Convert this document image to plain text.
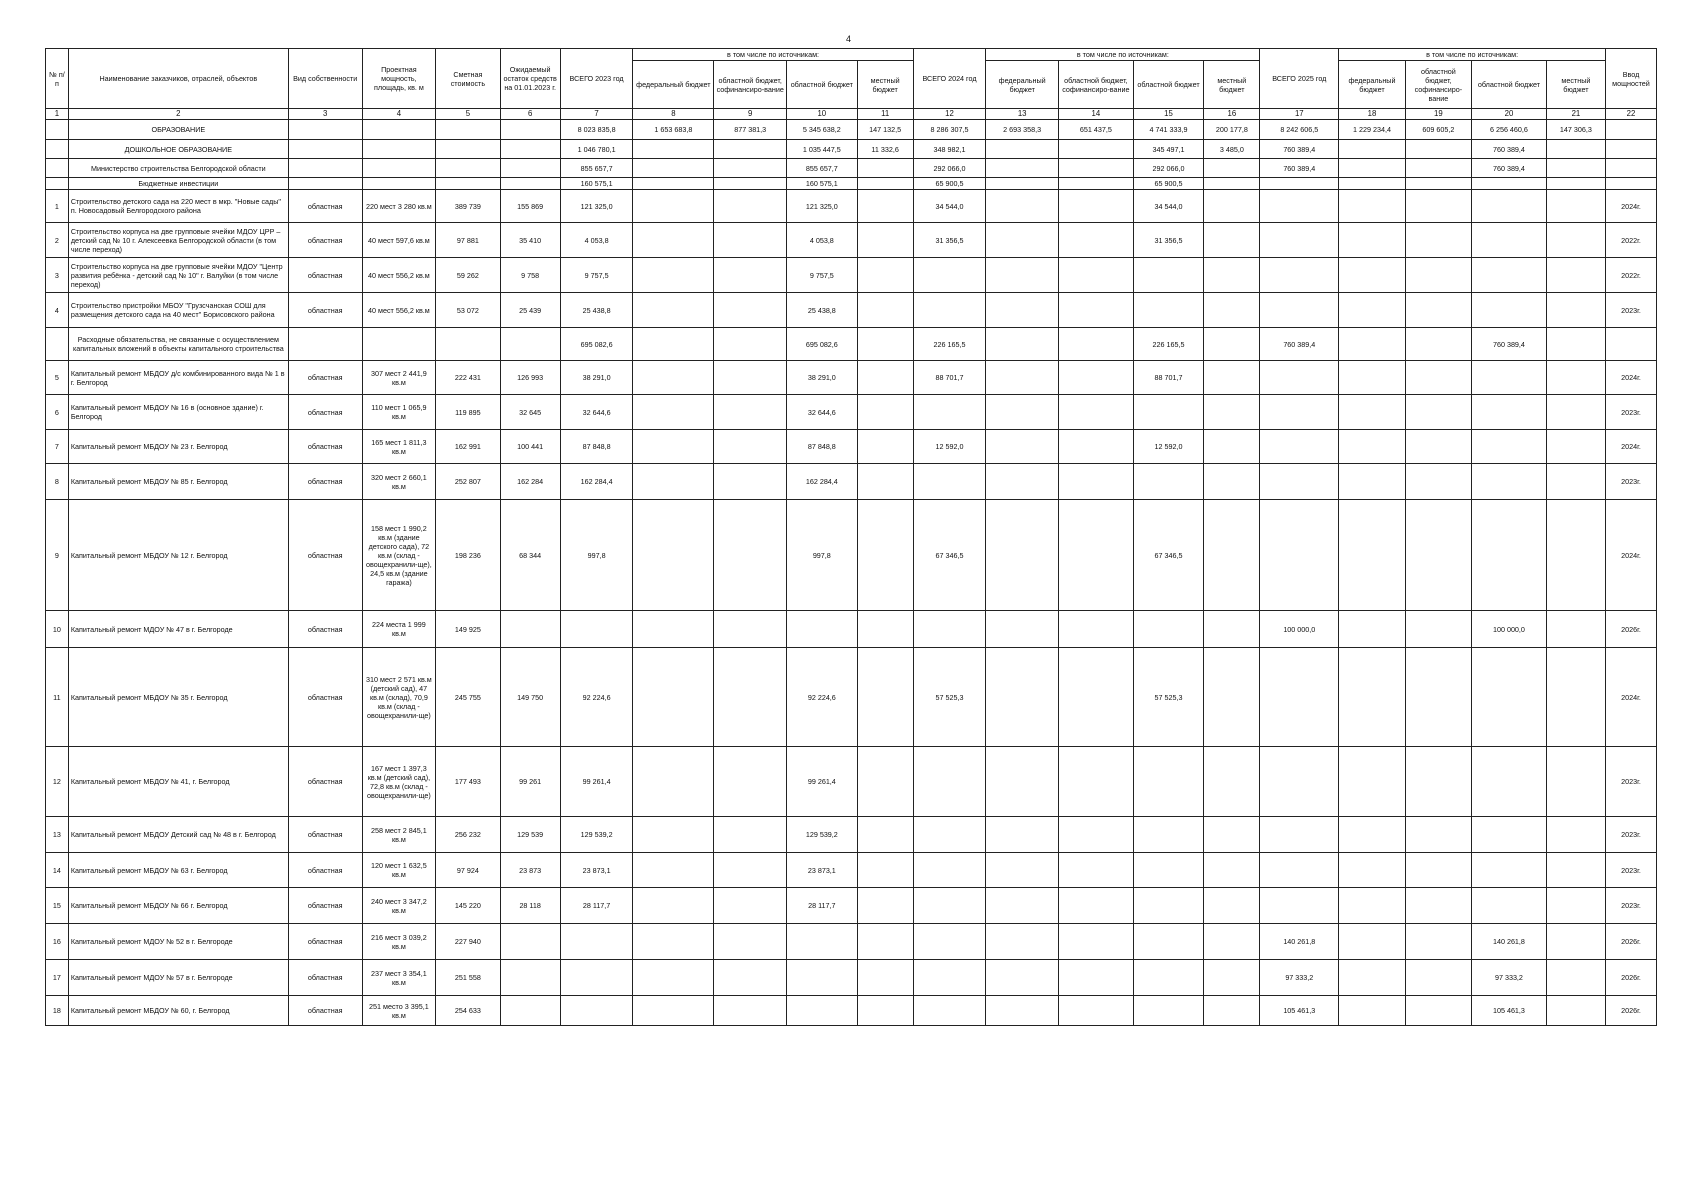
4
№ п/п	Наименование заказчиков, отраслей, объектов	Вид собственности	Проектная мощность, площадь, кв. м	Сметная стоимость	Ожидаемый остаток средств на 01.01.2023 г.	ВСЕГО 2023 год	в том числе по источникам:				ВСЕГО 2024 год	в том числе по источникам:				ВСЕГО 2025 год	в том числе по источникам:				Ввод мощностей
							федеральный бюджет	областной бюджет, софинансиро-вание	областной бюджет	местный бюджет		федеральный бюджет	областной бюджет, софинансиро-вание	областной бюджет	местный бюджет		федеральный бюджет	областной бюджет, софинансиро-вание	областной бюджет	местный бюджет	
1	2	3	4	5	6	7	8	9	10	11	12	13	14	15	16	17	18	19	20	21	22
	ОБРАЗОВАНИЕ					8 023 835,8	1 653 683,8	877 381,3	5 345 638,2	147 132,5	8 286 307,5	2 693 358,3	651 437,5	4 741 333,9	200 177,8	8 242 606,5	1 229 234,4	609 605,2	6 256 460,6	147 306,3	
	ДОШКОЛЬНОЕ ОБРАЗОВАНИЕ					1 046 780,1			1 035 447,5	11 332,6	348 982,1			345 497,1	3 485,0	760 389,4			760 389,4		
	Министерство строительства Белгородской области					855 657,7			855 657,7		292 066,0			292 066,0		760 389,4			760 389,4		
	Бюджетные инвестиции					160 575,1			160 575,1		65 900,5			65 900,5							
1	Строительство детского сада на 220 мест в мкр. "Новые сады" п. Новосадовый Белгородского района	областная	220 мест 3 280 кв.м	389 739	155 869	121 325,0			121 325,0		34 544,0			34 544,0							2024г.
2	Строительство корпуса на две групповые ячейки МДОУ ЦРР – детский сад № 10 г. Алексеевка Белгородской области (в том числе переход)	областная	40 мест 597,6 кв.м	97 881	35 410	4 053,8			4 053,8		31 356,5			31 356,5							2022г.
3	Строительство корпуса на две групповые ячейки МДОУ "Центр развития ребёнка - детский сад № 10" г. Валуйки (в том числе переход)	областная	40 мест 556,2 кв.м	59 262	9 758	9 757,5			9 757,5												2022г.
4	Строительство пристройки МБОУ "Грузсчанская СОШ для размещения детского сада на 40 мест" Борисовского района	областная	40 мест 556,2 кв.м	53 072	25 439	25 438,8			25 438,8												2023г.
	Расходные обязательства, не связанные с осуществлением капитальных вложений в объекты капитального строительства					695 082,6			695 082,6		226 165,5			226 165,5		760 389,4			760 389,4		
5	Капитальный ремонт МБДОУ д/с комбинированного вида № 1 в г. Белгород	областная	307 мест 2 441,9 кв.м	222 431	126 993	38 291,0			38 291,0		88 701,7			88 701,7							2024г.
6	Капитальный ремонт МБДОУ № 16 в (основное здание) г. Белгород	областная	110 мест 1 065,9 кв.м	119 895	32 645	32 644,6			32 644,6												2023г.
7	Капитальный ремонт МБДОУ № 23 г. Белгород	областная	165 мест 1 811,3 кв.м	162 991	100 441	87 848,8			87 848,8		12 592,0			12 592,0							2024г.
8	Капитальный ремонт МБДОУ № 85 г. Белгород	областная	320 мест 2 660,1 кв.м	252 807	162 284	162 284,4			162 284,4												2023г.
9	Капитальный ремонт МБДОУ № 12 г. Белгород	областная	158 мест 1 990,2 кв.м (здание детского сада), 72 кв.м (склад - овощехранили-ще), 24,5 кв.м (здание гаража)	198 236	68 344	997,8			997,8		67 346,5			67 346,5							2024г.
10	Капитальный ремонт МДОУ № 47 в г. Белгороде	областная	224 места 1 999 кв.м	149 925												100 000,0			100 000,0		2026г.
11	Капитальный ремонт МБДОУ № 35 г. Белгород	областная	310 мест 2 571 кв.м (детский сад), 47 кв.м (склад), 70,9 кв.м (склад - овощехранили-ще)	245 755	149 750	92 224,6			92 224,6		57 525,3			57 525,3							2024г.
12	Капитальный ремонт МБДОУ № 41, г. Белгород	областная	167 мест 1 397,3 кв.м (детский сад), 72,8 кв.м (склад - овощехранили-ще)	177 493	99 261	99 261,4			99 261,4												2023г.
13	Капитальный ремонт МБДОУ Детский сад № 48 в г. Белгород	областная	258 мест 2 845,1 кв.м	256 232	129 539	129 539,2			129 539,2												2023г.
14	Капитальный ремонт МБДОУ № 63 г. Белгород	областная	120 мест 1 632,5 кв.м	97 924	23 873	23 873,1			23 873,1												2023г.
15	Капитальный ремонт МБДОУ № 66 г. Белгород	областная	240 мест 3 347,2 кв.м	145 220	28 118	28 117,7			28 117,7												2023г.
16	Капитальный ремонт МДОУ № 52 в г. Белгороде	областная	216 мест 3 039,2 кв.м	227 940												140 261,8			140 261,8		2026г.
17	Капитальный ремонт МДОУ № 57 в г. Белгороде	областная	237 мест 3 354,1 кв.м	251 558												97 333,2			97 333,2		2026г.
18	Капитальный ремонт МБДОУ № 60, г. Белгород	областная	251 место 3 395,1 кв.м	254 633												105 461,3			105 461,3		2026г.
